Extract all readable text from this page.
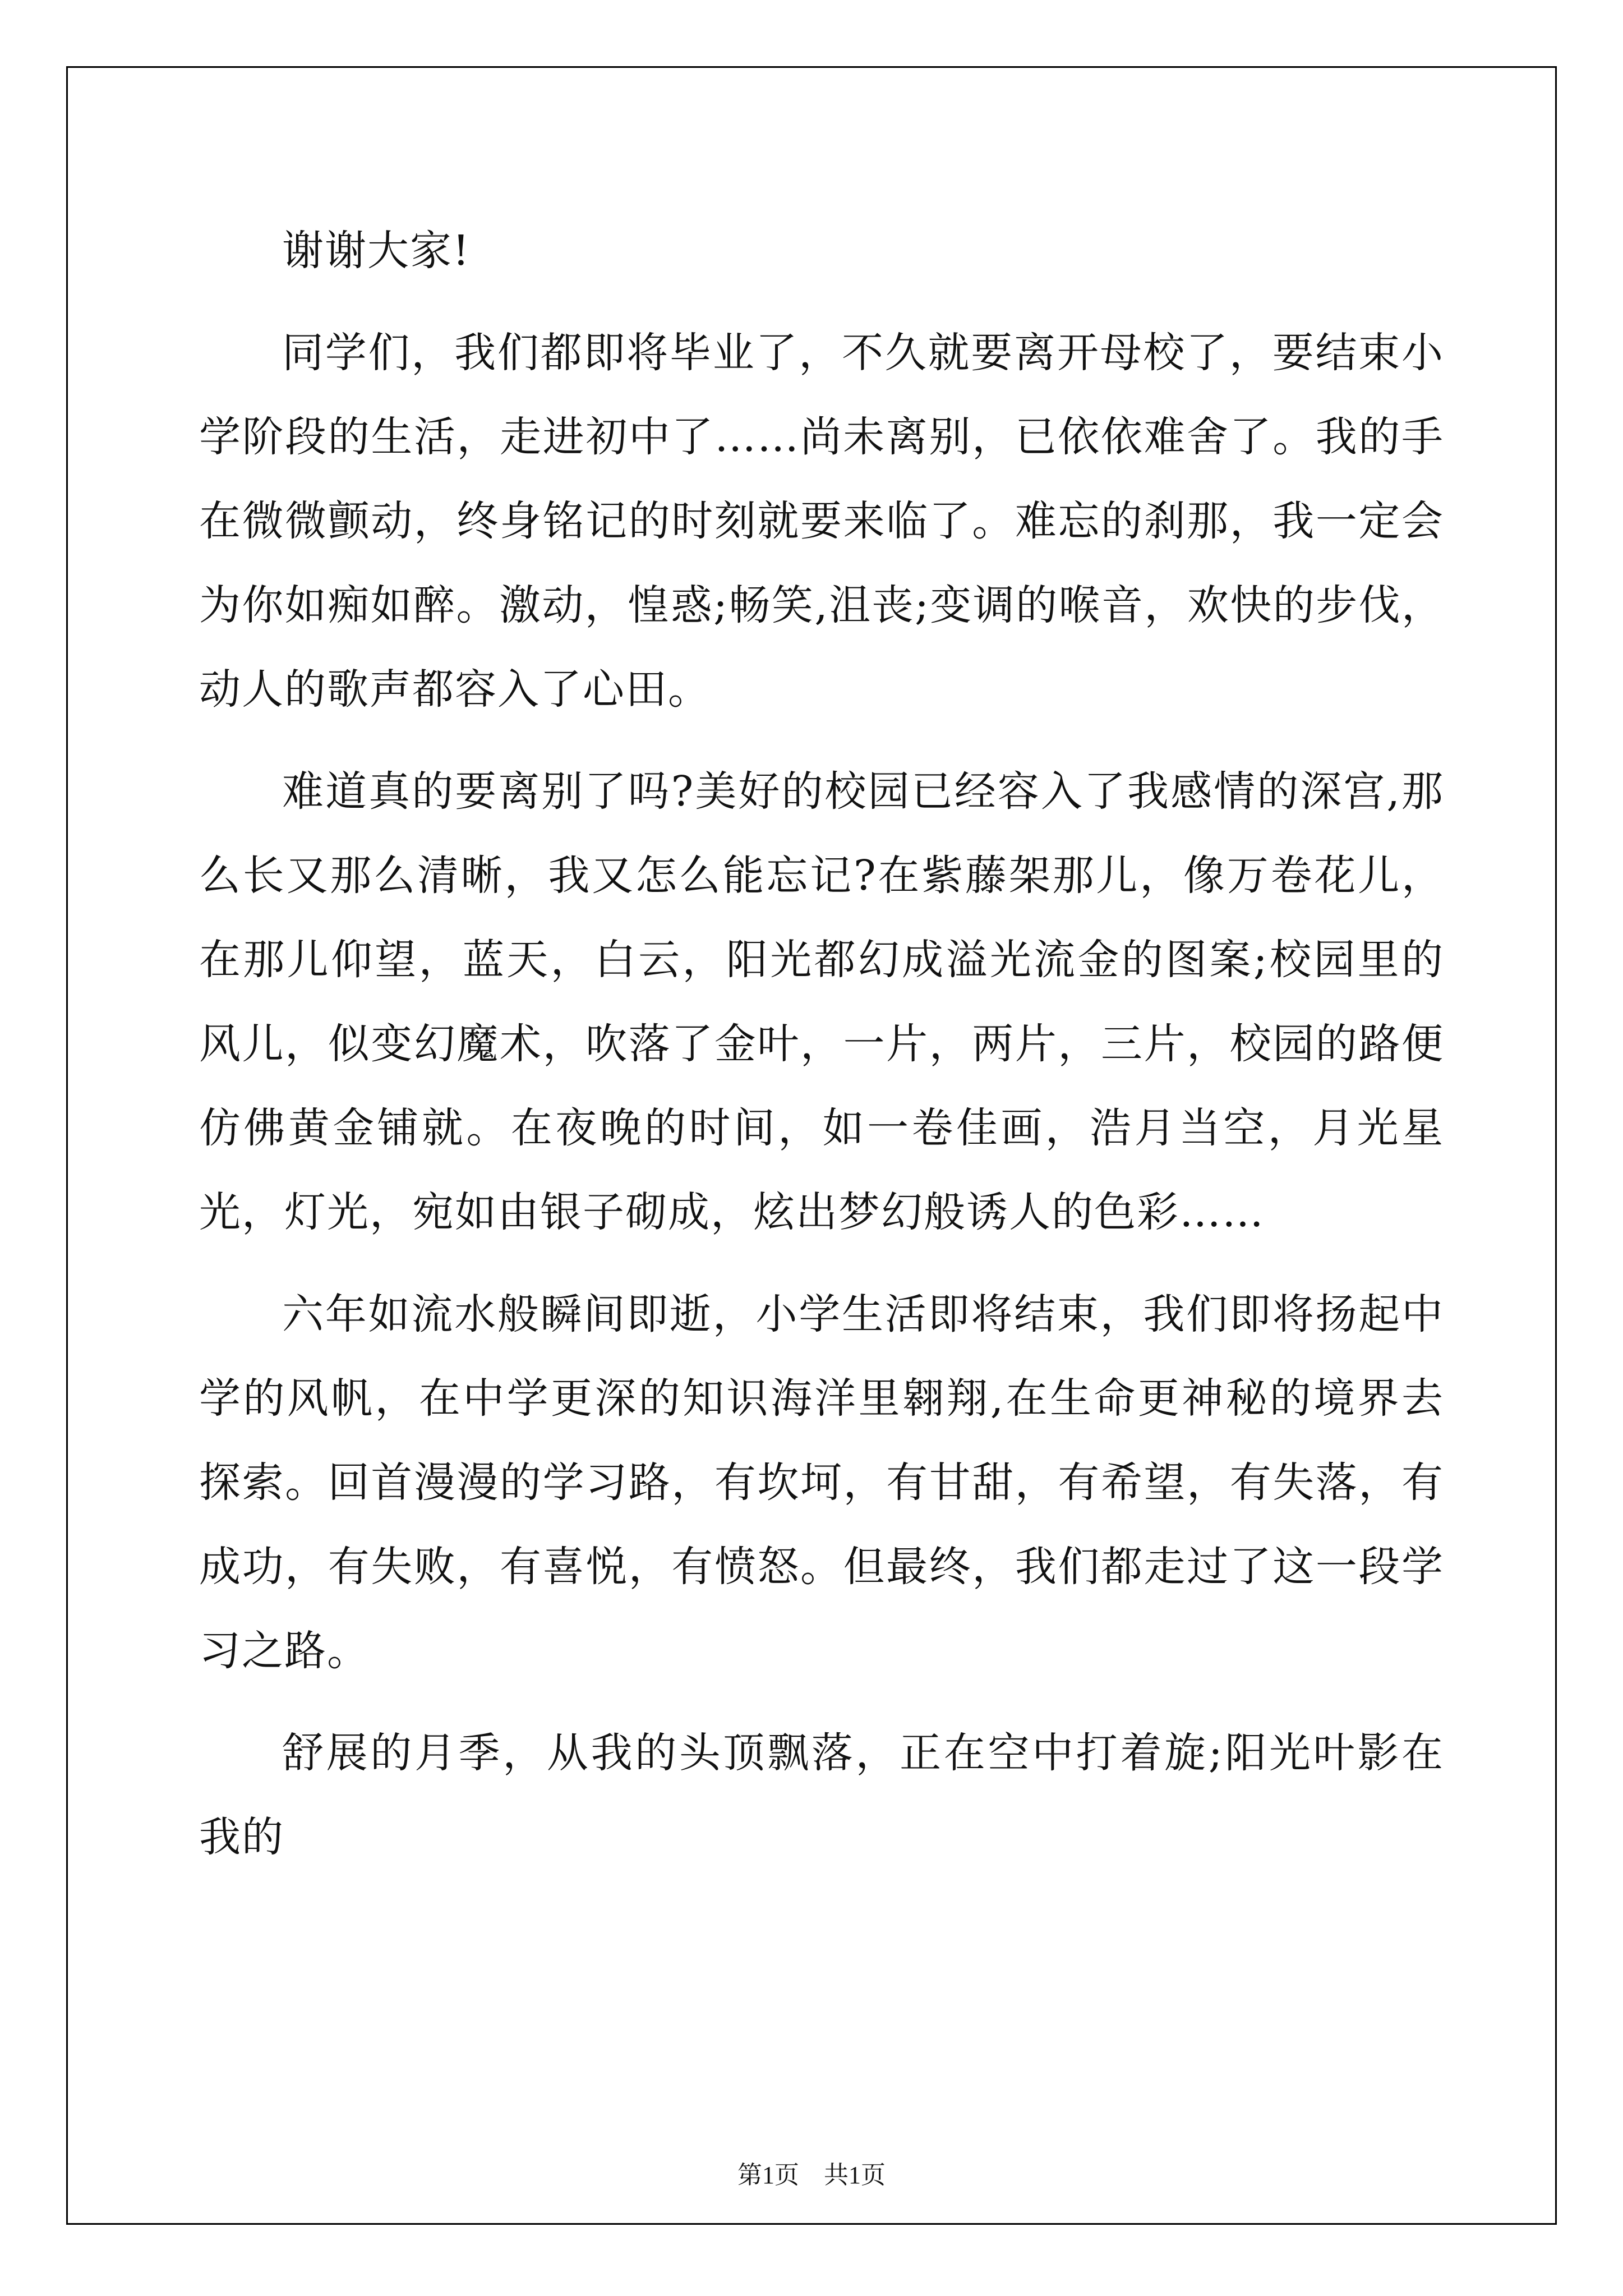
谢谢大家!

同学们，我们都即将毕业了，不久就要离开母校了，要结束小学阶段的生活，走进初中了……尚未离别，已依依难舍了。我的手在微微颤动，终身铭记的时刻就要来临了。难忘的刹那，我一定会为你如痴如醉。激动，惶惑;畅笑,沮丧;变调的喉音，欢快的步伐，动人的歌声都容入了心田。

难道真的要离别了吗?美好的校园已经容入了我感情的深宫,那么长又那么清晰，我又怎么能忘记?在紫藤架那儿，像万卷花儿，在那儿仰望，蓝天，白云，阳光都幻成溢光流金的图案;校园里的风儿，似变幻魔术，吹落了金叶，一片，两片，三片，校园的路便仿佛黄金铺就。在夜晚的时间，如一卷佳画，浩月当空，月光星光，灯光，宛如由银子砌成，炫出梦幻般诱人的色彩……

六年如流水般瞬间即逝，小学生活即将结束，我们即将扬起中学的风帆，在中学更深的知识海洋里翱翔,在生命更神秘的境界去探索。回首漫漫的学习路，有坎坷，有甘甜，有希望，有失落，有成功，有失败，有喜悦，有愤怒。但最终，我们都走过了这一段学习之路。

舒展的月季，从我的头顶飘落，正在空中打着旋;阳光叶影在我的

第1页　共1页
